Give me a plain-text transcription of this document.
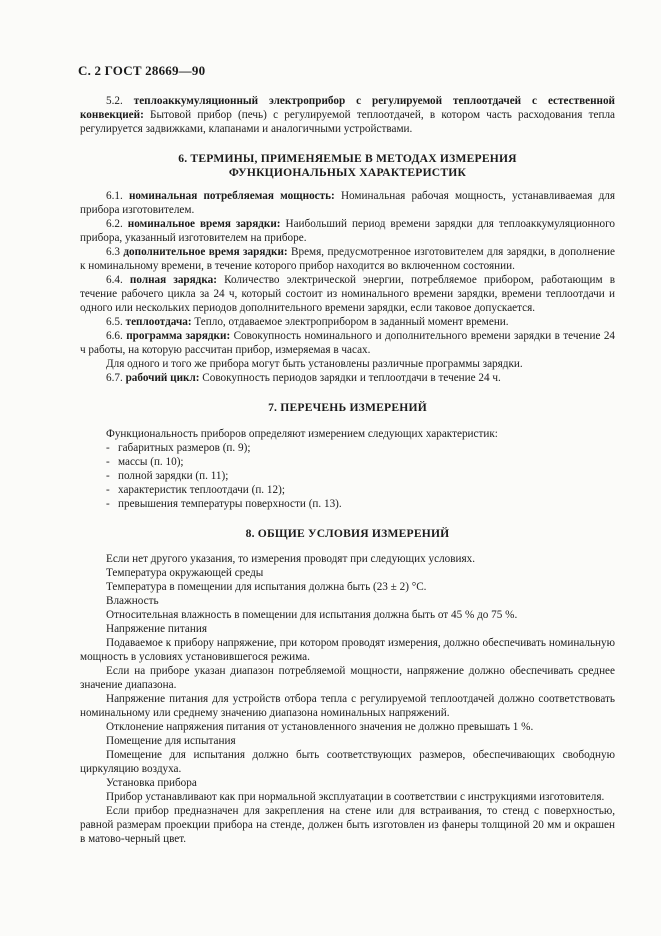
С. 2 ГОСТ 28669—90

5.2. теплоаккумуляционный электроприбор с регулируемой теплоотдачей с естественной конвекцией: Бытовой прибор (печь) с регулируемой теплоотдачей, в котором часть расходования тепла регулируется задвижками, клапанами и аналогичными устройствами.

6. ТЕРМИНЫ, ПРИМЕНЯЕМЫЕ В МЕТОДАХ ИЗМЕРЕНИЯ
ФУНКЦИОНАЛЬНЫХ ХАРАКТЕРИСТИК

6.1. номинальная потребляемая мощность: Номинальная рабочая мощность, устанавливаемая для прибора изготовителем.

6.2. номинальное время зарядки: Наибольший период времени зарядки для теплоаккумуляционного прибора, указанный изготовителем на приборе.

6.3 дополнительное время зарядки: Время, предусмотренное изготовителем для зарядки, в дополнение к номинальному времени, в течение которого прибор находится во включенном состоянии.

6.4. полная зарядка: Количество электрической энергии, потребляемое прибором, работающим в течение рабочего цикла за 24 ч, который состоит из номинального времени зарядки, времени теплоотдачи и одного или нескольких периодов дополнительного времени зарядки, если таковое допускается.

6.5. теплоотдача: Тепло, отдаваемое электроприбором в заданный момент времени.

6.6. программа зарядки: Совокупность номинального и дополнительного времени зарядки в течение 24 ч работы, на которую рассчитан прибор, измеряемая в часах.

Для одного и того же прибора могут быть установлены различные программы зарядки.

6.7. рабочий цикл: Совокупность периодов зарядки и теплоотдачи в течение 24 ч.

7. ПЕРЕЧЕНЬ ИЗМЕРЕНИЙ

Функциональность приборов определяют измерением следующих характеристик:

- габаритных размеров (п. 9);
- массы (п. 10);
- полной зарядки (п. 11);
- характеристик теплоотдачи (п. 12);
- превышения температуры поверхности (п. 13).
8. ОБЩИЕ УСЛОВИЯ ИЗМЕРЕНИЙ

Если нет другого указания, то измерения проводят при следующих условиях.

Температура окружающей среды

Температура в помещении для испытания должна быть (23 ± 2) °С.

Влажность

Относительная влажность в помещении для испытания должна быть от 45 % до 75 %.

Напряжение питания

Подаваемое к прибору напряжение, при котором проводят измерения, должно обеспечивать номинальную мощность в условиях установившегося режима.

Если на приборе указан диапазон потребляемой мощности, напряжение должно обеспечивать среднее значение диапазона.

Напряжение питания для устройств отбора тепла с регулируемой теплоотдачей должно соответствовать номинальному или среднему значению диапазона номинальных напряжений.

Отклонение напряжения питания от установленного значения не должно превышать 1 %.

Помещение для испытания

Помещение для испытания должно быть соответствующих размеров, обеспечивающих свободную циркуляцию воздуха.

Установка прибора

Прибор устанавливают как при нормальной эксплуатации в соответствии с инструкциями изготовителя.

Если прибор предназначен для закрепления на стене или для встраивания, то стенд с поверхностью, равной размерам проекции прибора на стенде, должен быть изготовлен из фанеры толщиной 20 мм и окрашен в матово-черный цвет.
